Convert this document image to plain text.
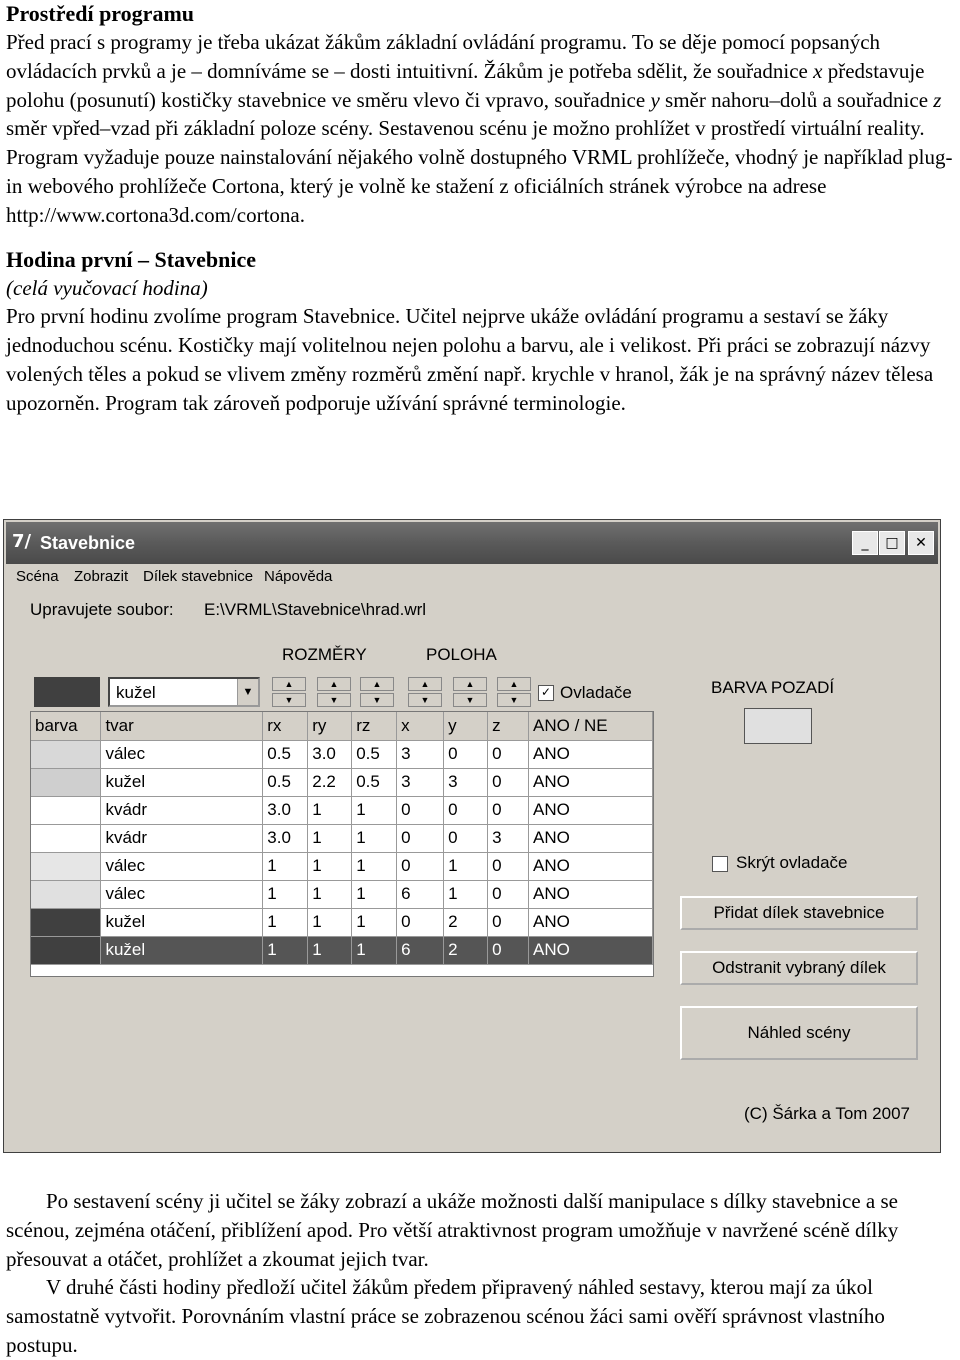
Prostředí programu

Před prací s programy je třeba ukázat žákům základní ovládání programu. To se děje pomocí popsaných ovládacích prvků a je – domníváme se – dosti intuitivní. Žákům je potřeba sdělit, že souřadnice x představuje polohu (posunutí) kostičky stavebnice ve směru vlevo či vpravo, souřadnice y směr nahoru–dolů a souřadnice z směr vpřed–vzad při základní poloze scény. Sestavenou scénu je možno prohlížet v prostředí virtuální reality. Program vyžaduje pouze nainstalování nějakého volně dostupného VRML prohlížeče, vhodný je například plug-in webového prohlížeče Cortona, který je volně ke stažení z oficiálních stránek výrobce na adrese http://www.cortona3d.com/cortona.

Hodina první – Stavebnice

(celá vyučovací hodina)

Pro první hodinu zvolíme program Stavebnice. Učitel nejprve ukáže ovládání programu a sestaví se žáky jednoduchou scénu. Kostičky mají volitelnou nejen polohu a barvu, ale i velikost. Při práci se zobrazují názvy volených těles a pokud se vlivem změny rozměrů změní např. krychle v hranol, žák je na správný název tělesa upozorněn. Program tak zároveň podporuje užívání správné terminologie.

7/ Stavebnice	_	□	✕
Scéna Zobrazit Dílek stavebnice Nápověda
Upravujete soubor: E:\VRML\Stavebnice\hrad.wrl
ROZMĚRY	POLOHA
kužel	▼
▲
▼
▲
▼
▲
▼
▲
▼
▲
▼
▲
▼
✓ Ovladače	BARVA POZADÍ
barva	tvar	rx	ry	rz	x	y	z	ANO / NE

	válec	0.5	3.0	0.5	3	0	0	ANO

	kužel	0.5	2.2	0.5	3	3	0	ANO

	kvádr	3.0	1	1	0	0	0	ANO

	kvádr	3.0	1	1	0	0	3	ANO

	válec	1	1	1	0	1	0	ANO

	válec	1	1	1	6	1	0	ANO

	kužel	1	1	1	0	2	0	ANO

	kužel	1	1	1	6	2	0	ANO
Skrýt ovladače
Přidat dílek stavebnice
Odstranit vybraný dílek
Náhled scény
(C) Šárka a Tom 2007

Po sestavení scény ji učitel se žáky zobrazí a ukáže možnosti další manipulace s dílky stavebnice a se scénou, zejména otáčení, přiblížení apod. Pro větší atraktivnost program umožňuje v navržené scéně dílky přesouvat a otáčet, prohlížet a zkoumat jejich tvar.

V druhé části hodiny předloží učitel žákům předem připravený náhled sestavy, kterou mají za úkol samostatně vytvořit. Porovnáním vlastní práce se zobrazenou scénou žáci sami ověří správnost vlastního postupu.
